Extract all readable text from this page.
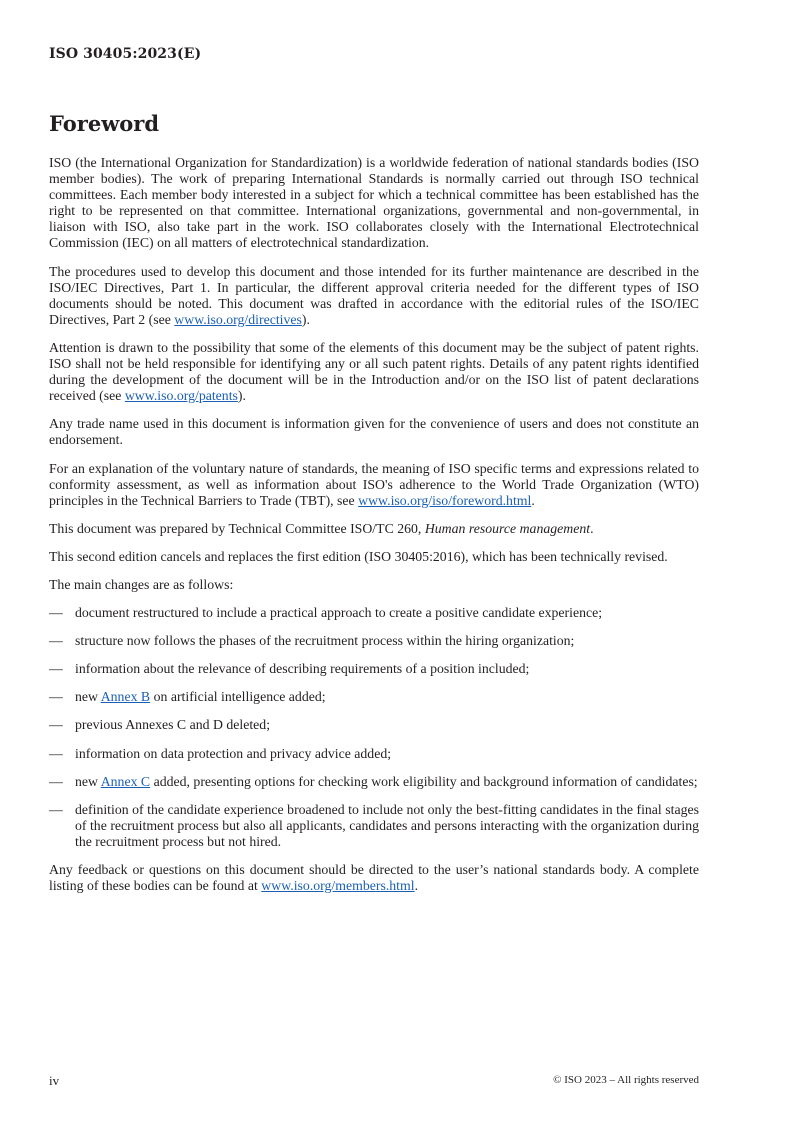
ISO 30405:2023(E)
Foreword

ISO (the International Organization for Standardization) is a worldwide federation of national standards bodies (ISO member bodies). The work of preparing International Standards is normally carried out through ISO technical committees. Each member body interested in a subject for which a technical committee has been established has the right to be represented on that committee. International organizations, governmental and non-governmental, in liaison with ISO, also take part in the work. ISO collaborates closely with the International Electrotechnical Commission (IEC) on all matters of electrotechnical standardization.

The procedures used to develop this document and those intended for its further maintenance are described in the ISO/IEC Directives, Part 1. In particular, the different approval criteria needed for the different types of ISO documents should be noted. This document was drafted in accordance with the editorial rules of the ISO/IEC Directives, Part 2 (see www.iso.org/directives).

Attention is drawn to the possibility that some of the elements of this document may be the subject of patent rights. ISO shall not be held responsible for identifying any or all such patent rights. Details of any patent rights identified during the development of the document will be in the Introduction and/or on the ISO list of patent declarations received (see www.iso.org/patents).

Any trade name used in this document is information given for the convenience of users and does not constitute an endorsement.

For an explanation of the voluntary nature of standards, the meaning of ISO specific terms and expressions related to conformity assessment, as well as information about ISO's adherence to the World Trade Organization (WTO) principles in the Technical Barriers to Trade (TBT), see www.iso.org/iso/foreword.html.

This document was prepared by Technical Committee ISO/TC 260, Human resource management.

This second edition cancels and replaces the first edition (ISO 30405:2016), which has been technically revised.

The main changes are as follows:

— document restructured to include a practical approach to create a positive candidate experience;
— structure now follows the phases of the recruitment process within the hiring organization;
— information about the relevance of describing requirements of a position included;
— new Annex B on artificial intelligence added;
— previous Annexes C and D deleted;
— information on data protection and privacy advice added;
— new Annex C added, presenting options for checking work eligibility and background information of candidates;
— definition of the candidate experience broadened to include not only the best-fitting candidates in the final stages of the recruitment process but also all applicants, candidates and persons interacting with the organization during the recruitment process but not hired.

Any feedback or questions on this document should be directed to the user’s national standards body. A complete listing of these bodies can be found at www.iso.org/members.html.

iv	© ISO 2023 – All rights reserved
